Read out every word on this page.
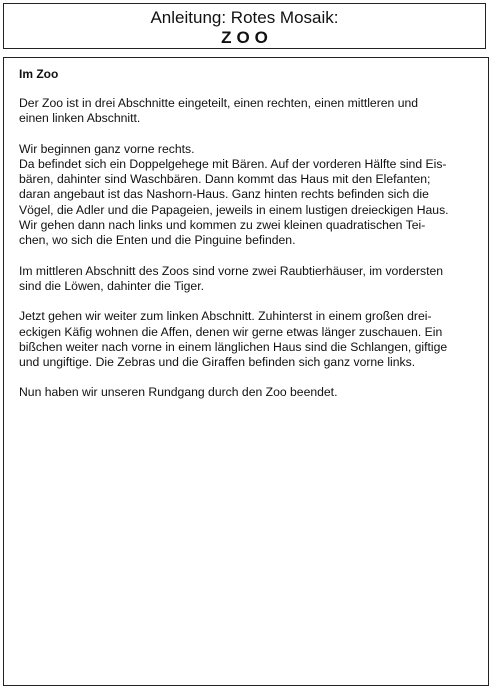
Anleitung: Rotes Mosaik:
ZOO
Im Zoo
Der Zoo ist in drei Abschnitte eingeteilt, einen rechten, einen mittleren und
einen linken Abschnitt.
Wir beginnen ganz vorne rechts.
Da befindet sich ein Doppelgehege mit Bären. Auf der vorderen Hälfte sind Eis-
bären, dahinter sind Waschbären. Dann kommt das Haus mit den Elefanten;
daran angebaut ist das Nashorn-Haus. Ganz hinten rechts befinden sich die
Vögel, die Adler und die Papageien, jeweils in einem lustigen dreieckigen Haus.
Wir gehen dann nach links und kommen zu zwei kleinen quadratischen Tei-
chen, wo sich die Enten und die Pinguine befinden.
Im mittleren Abschnitt des Zoos sind vorne zwei Raubtierhäuser, im vordersten
sind die Löwen, dahinter die Tiger.
Jetzt gehen wir weiter zum linken Abschnitt. Zuhinterst in einem großen drei-
eckigen Käfig wohnen die Affen, denen wir gerne etwas länger zuschauen. Ein
bißchen weiter nach vorne in einem länglichen Haus sind die Schlangen, giftige
und ungiftige. Die Zebras und die Giraffen befinden sich ganz vorne links.
Nun haben wir unseren Rundgang durch den Zoo beendet.
